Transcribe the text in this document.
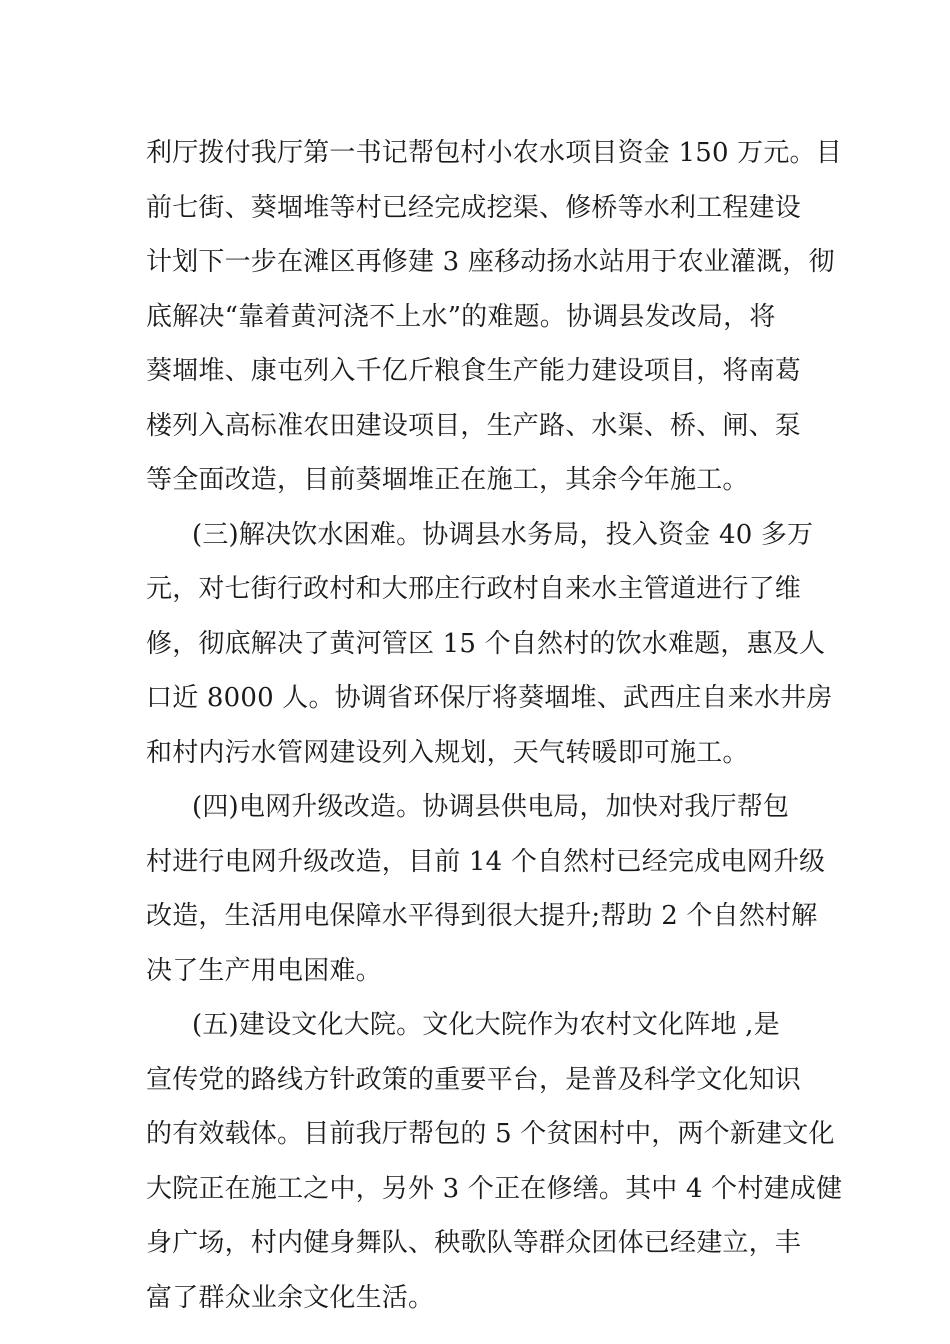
利厅拨付我厅第一书记帮包村小农水项目资金 150 万元。目
前七街、葵堌堆等村已经完成挖渠、修桥等水利工程建设
计划下一步在滩区再修建 3 座移动扬水站用于农业灌溉，彻
底解决“靠着黄河浇不上水”的难题。协调县发改局，将
葵堌堆、康屯列入千亿斤粮食生产能力建设项目，将南葛
楼列入高标准农田建设项目，生产路、水渠、桥、闸、泵
等全面改造，目前葵堌堆正在施工，其余今年施工。
(三)解决饮水困难。协调县水务局，投入资金 40 多万
元，对七街行政村和大邢庄行政村自来水主管道进行了维
修，彻底解决了黄河管区 15 个自然村的饮水难题，惠及人
口近 8000 人。协调省环保厅将葵堌堆、武西庄自来水井房
和村内污水管网建设列入规划，天气转暖即可施工。
(四)电网升级改造。协调县供电局，加快对我厅帮包
村进行电网升级改造，目前 14 个自然村已经完成电网升级
改造，生活用电保障水平得到很大提升;帮助 2 个自然村解
决了生产用电困难。
(五)建设文化大院。文化大院作为农村文化阵地 ,是
宣传党的路线方针政策的重要平台，是普及科学文化知识
的有效载体。目前我厅帮包的 5 个贫困村中，两个新建文化
大院正在施工之中，另外 3 个正在修缮。其中 4 个村建成健
身广场，村内健身舞队、秧歌队等群众团体已经建立，丰
富了群众业余文化生活。
